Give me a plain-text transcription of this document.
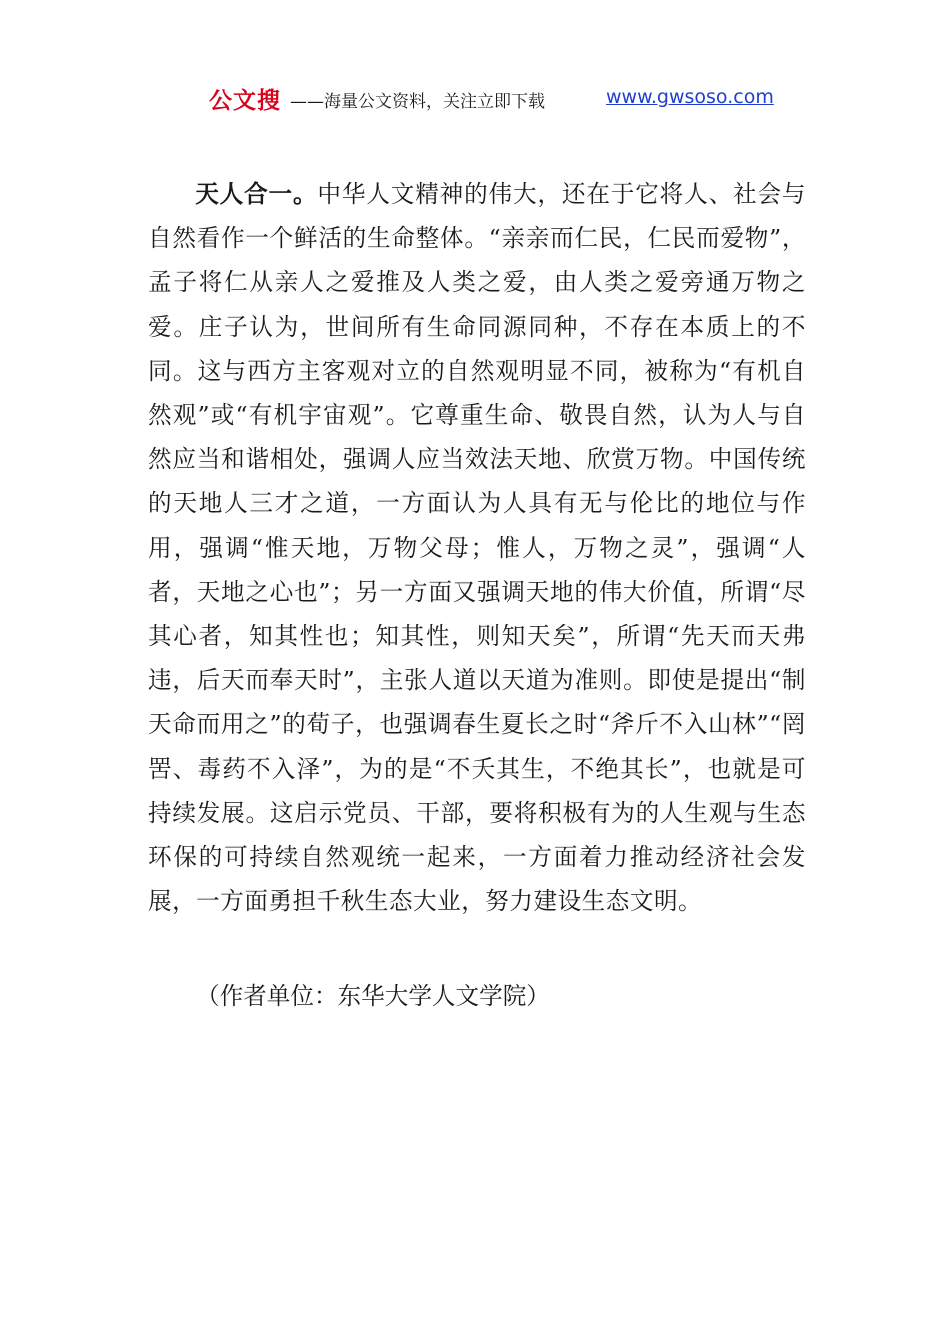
公文搜 ——海量公文资料，关注立即下载	www.gwsoso.com

天人合一。中华人文精神的伟大，还在于它将人、社会与自然看作一个鲜活的生命整体。“亲亲而仁民，仁民而爱物”，孟子将仁从亲人之爱推及人类之爱，由人类之爱旁通万物之爱。庄子认为，世间所有生命同源同种，不存在本质上的不同。这与西方主客观对立的自然观明显不同，被称为“有机自然观”或“有机宇宙观”。它尊重生命、敬畏自然，认为人与自然应当和谐相处，强调人应当效法天地、欣赏万物。中国传统的天地人三才之道，一方面认为人具有无与伦比的地位与作用，强调“惟天地，万物父母；惟人，万物之灵”，强调“人者，天地之心也”；另一方面又强调天地的伟大价值，所谓“尽其心者，知其性也；知其性，则知天矣”，所谓“先天而天弗违，后天而奉天时”，主张人道以天道为准则。即使是提出“制天命而用之”的荀子，也强调春生夏长之时“斧斤不入山林”“罔罟、毒药不入泽”，为的是“不夭其生，不绝其长”，也就是可持续发展。这启示党员、干部，要将积极有为的人生观与生态环保的可持续自然观统一起来，一方面着力推动经济社会发展，一方面勇担千秋生态大业，努力建设生态文明。

（作者单位：东华大学人文学院）
